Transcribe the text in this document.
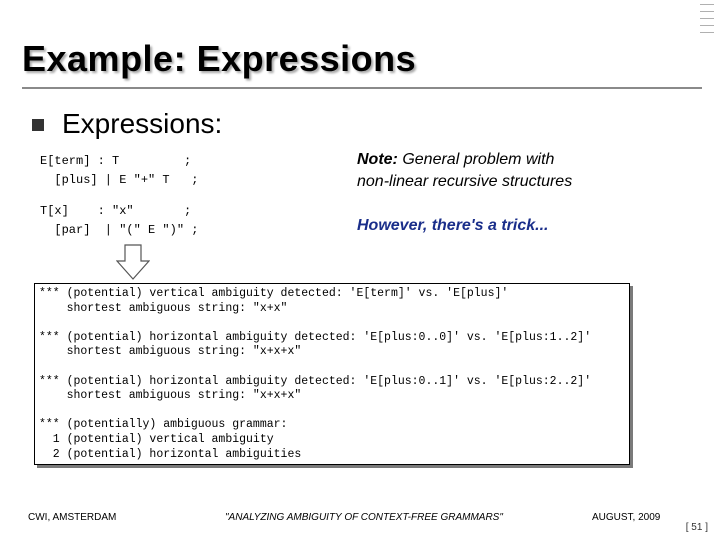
Example: Expressions
Expressions:
E[term] : T         ;
[plus] | E "+" T   ;
T[x]    : "x"       ;
[par]  | "(" E ")" ;
Note: General problem with
non-linear recursive structures
However, there's a trick...
*** (potential) vertical ambiguity detected: 'E[term]' vs. 'E[plus]'
shortest ambiguous string: "x+x"

*** (potential) horizontal ambiguity detected: 'E[plus:0..0]' vs. 'E[plus:1..2]'
shortest ambiguous string: "x+x+x"

*** (potential) horizontal ambiguity detected: 'E[plus:0..1]' vs. 'E[plus:2..2]'
shortest ambiguous string: "x+x+x"

*** (potentially) ambiguous grammar:
1 (potential) vertical ambiguity
2 (potential) horizontal ambiguities
CWI, AMSTERDAM	"ANALYZING AMBIGUITY OF CONTEXT-FREE GRAMMARS"	AUGUST, 2009
[ 51 ]
